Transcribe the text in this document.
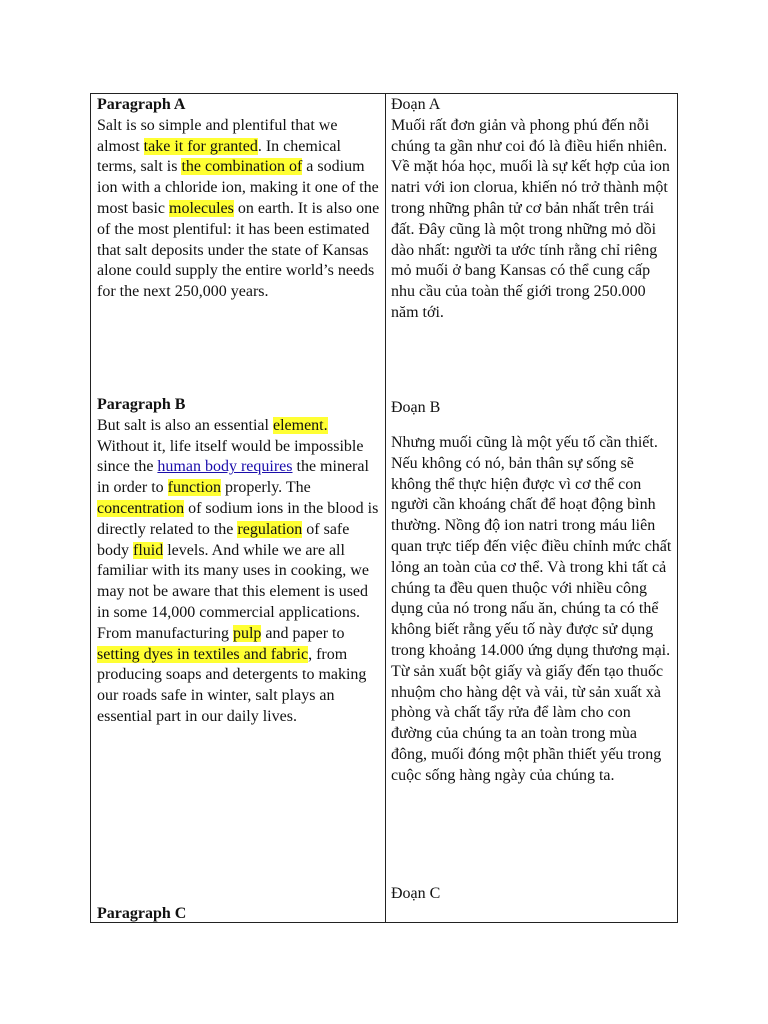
Paragraph A

Salt is so simple and plentiful that we almost take it for granted. In chemical terms, salt is the combination of a sodium ion with a chloride ion, making it one of the most basic molecules on earth. It is also one of the most plentiful: it has been estimated that salt deposits under the state of Kansas alone could supply the entire world’s needs for the next 250,000 years.

Paragraph B

But salt is also an essential element. Without it, life itself would be impossible since the human body requires the mineral in order to function properly. The concentration of sodium ions in the blood is directly related to the regulation of safe body fluid levels. And while we are all familiar with its many uses in cooking, we may not be aware that this element is used in some 14,000 commercial applications. From manufacturing pulp and paper to setting dyes in textiles and fabric, from producing soaps and detergents to making our roads safe in winter, salt plays an essential part in our daily lives.

Paragraph C
Đoạn A

Muối rất đơn giản và phong phú đến nỗi chúng ta gần như coi đó là điều hiển nhiên. Về mặt hóa học, muối là sự kết hợp của ion natri với ion clorua, khiến nó trở thành một trong những phân tử cơ bản nhất trên trái đất. Đây cũng là một trong những mỏ dồi dào nhất: người ta ước tính rằng chỉ riêng mỏ muối ở bang Kansas có thể cung cấp nhu cầu của toàn thế giới trong 250.000 năm tới.

Đoạn B
Nhưng muối cũng là một yếu tố cần thiết. Nếu không có nó, bản thân sự sống sẽ không thể thực hiện được vì cơ thể con người cần khoáng chất để hoạt động bình thường. Nồng độ ion natri trong máu liên quan trực tiếp đến việc điều chỉnh mức chất lỏng an toàn của cơ thể. Và trong khi tất cả chúng ta đều quen thuộc với nhiều công dụng của nó trong nấu ăn, chúng ta có thể không biết rằng yếu tố này được sử dụng trong khoảng 14.000 ứng dụng thương mại. Từ sản xuất bột giấy và giấy đến tạo thuốc nhuộm cho hàng dệt và vải, từ sản xuất xà phòng và chất tẩy rửa để làm cho con đường của chúng ta an toàn trong mùa đông, muối đóng một phần thiết yếu trong cuộc sống hàng ngày của chúng ta.
Đoạn C
